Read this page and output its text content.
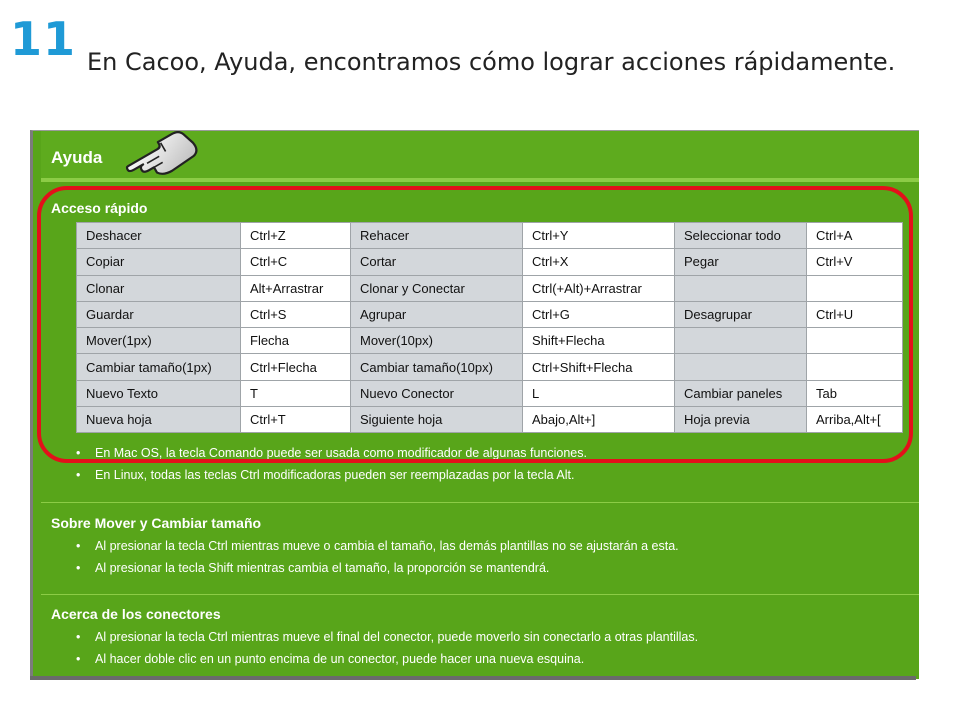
11 En Cacoo, Ayuda, encontramos cómo lograr acciones rápidamente.
Ayuda
Acceso rápido
Deshacer	Ctrl+Z	Rehacer	Ctrl+Y	Seleccionar todo	Ctrl+A
Copiar	Ctrl+C	Cortar	Ctrl+X	Pegar	Ctrl+V
Clonar	Alt+Arrastrar	Clonar y Conectar	Ctrl(+Alt)+Arrastrar		
Guardar	Ctrl+S	Agrupar	Ctrl+G	Desagrupar	Ctrl+U
Mover(1px)	Flecha	Mover(10px)	Shift+Flecha		
Cambiar tamaño(1px)	Ctrl+Flecha	Cambiar tamaño(10px)	Ctrl+Shift+Flecha		
Nuevo Texto	T	Nuevo Conector	L	Cambiar paneles	Tab
Nueva hoja	Ctrl+T	Siguiente hoja	Abajo,Alt+]	Hoja previa	Arriba,Alt+[
• En Mac OS, la tecla Comando puede ser usada como modificador de algunas funciones.
• En Linux, todas las teclas Ctrl modificadoras pueden ser reemplazadas por la tecla Alt.
Sobre Mover y Cambiar tamaño
• Al presionar la tecla Ctrl mientras mueve o cambia el tamaño, las demás plantillas no se ajustarán a esta.
• Al presionar la tecla Shift mientras cambia el tamaño, la proporción se mantendrá.
Acerca de los conectores
• Al presionar la tecla Ctrl mientras mueve el final del conector, puede moverlo sin conectarlo a otras plantillas.
• Al hacer doble clic en un punto encima de un conector, puede hacer una nueva esquina.
